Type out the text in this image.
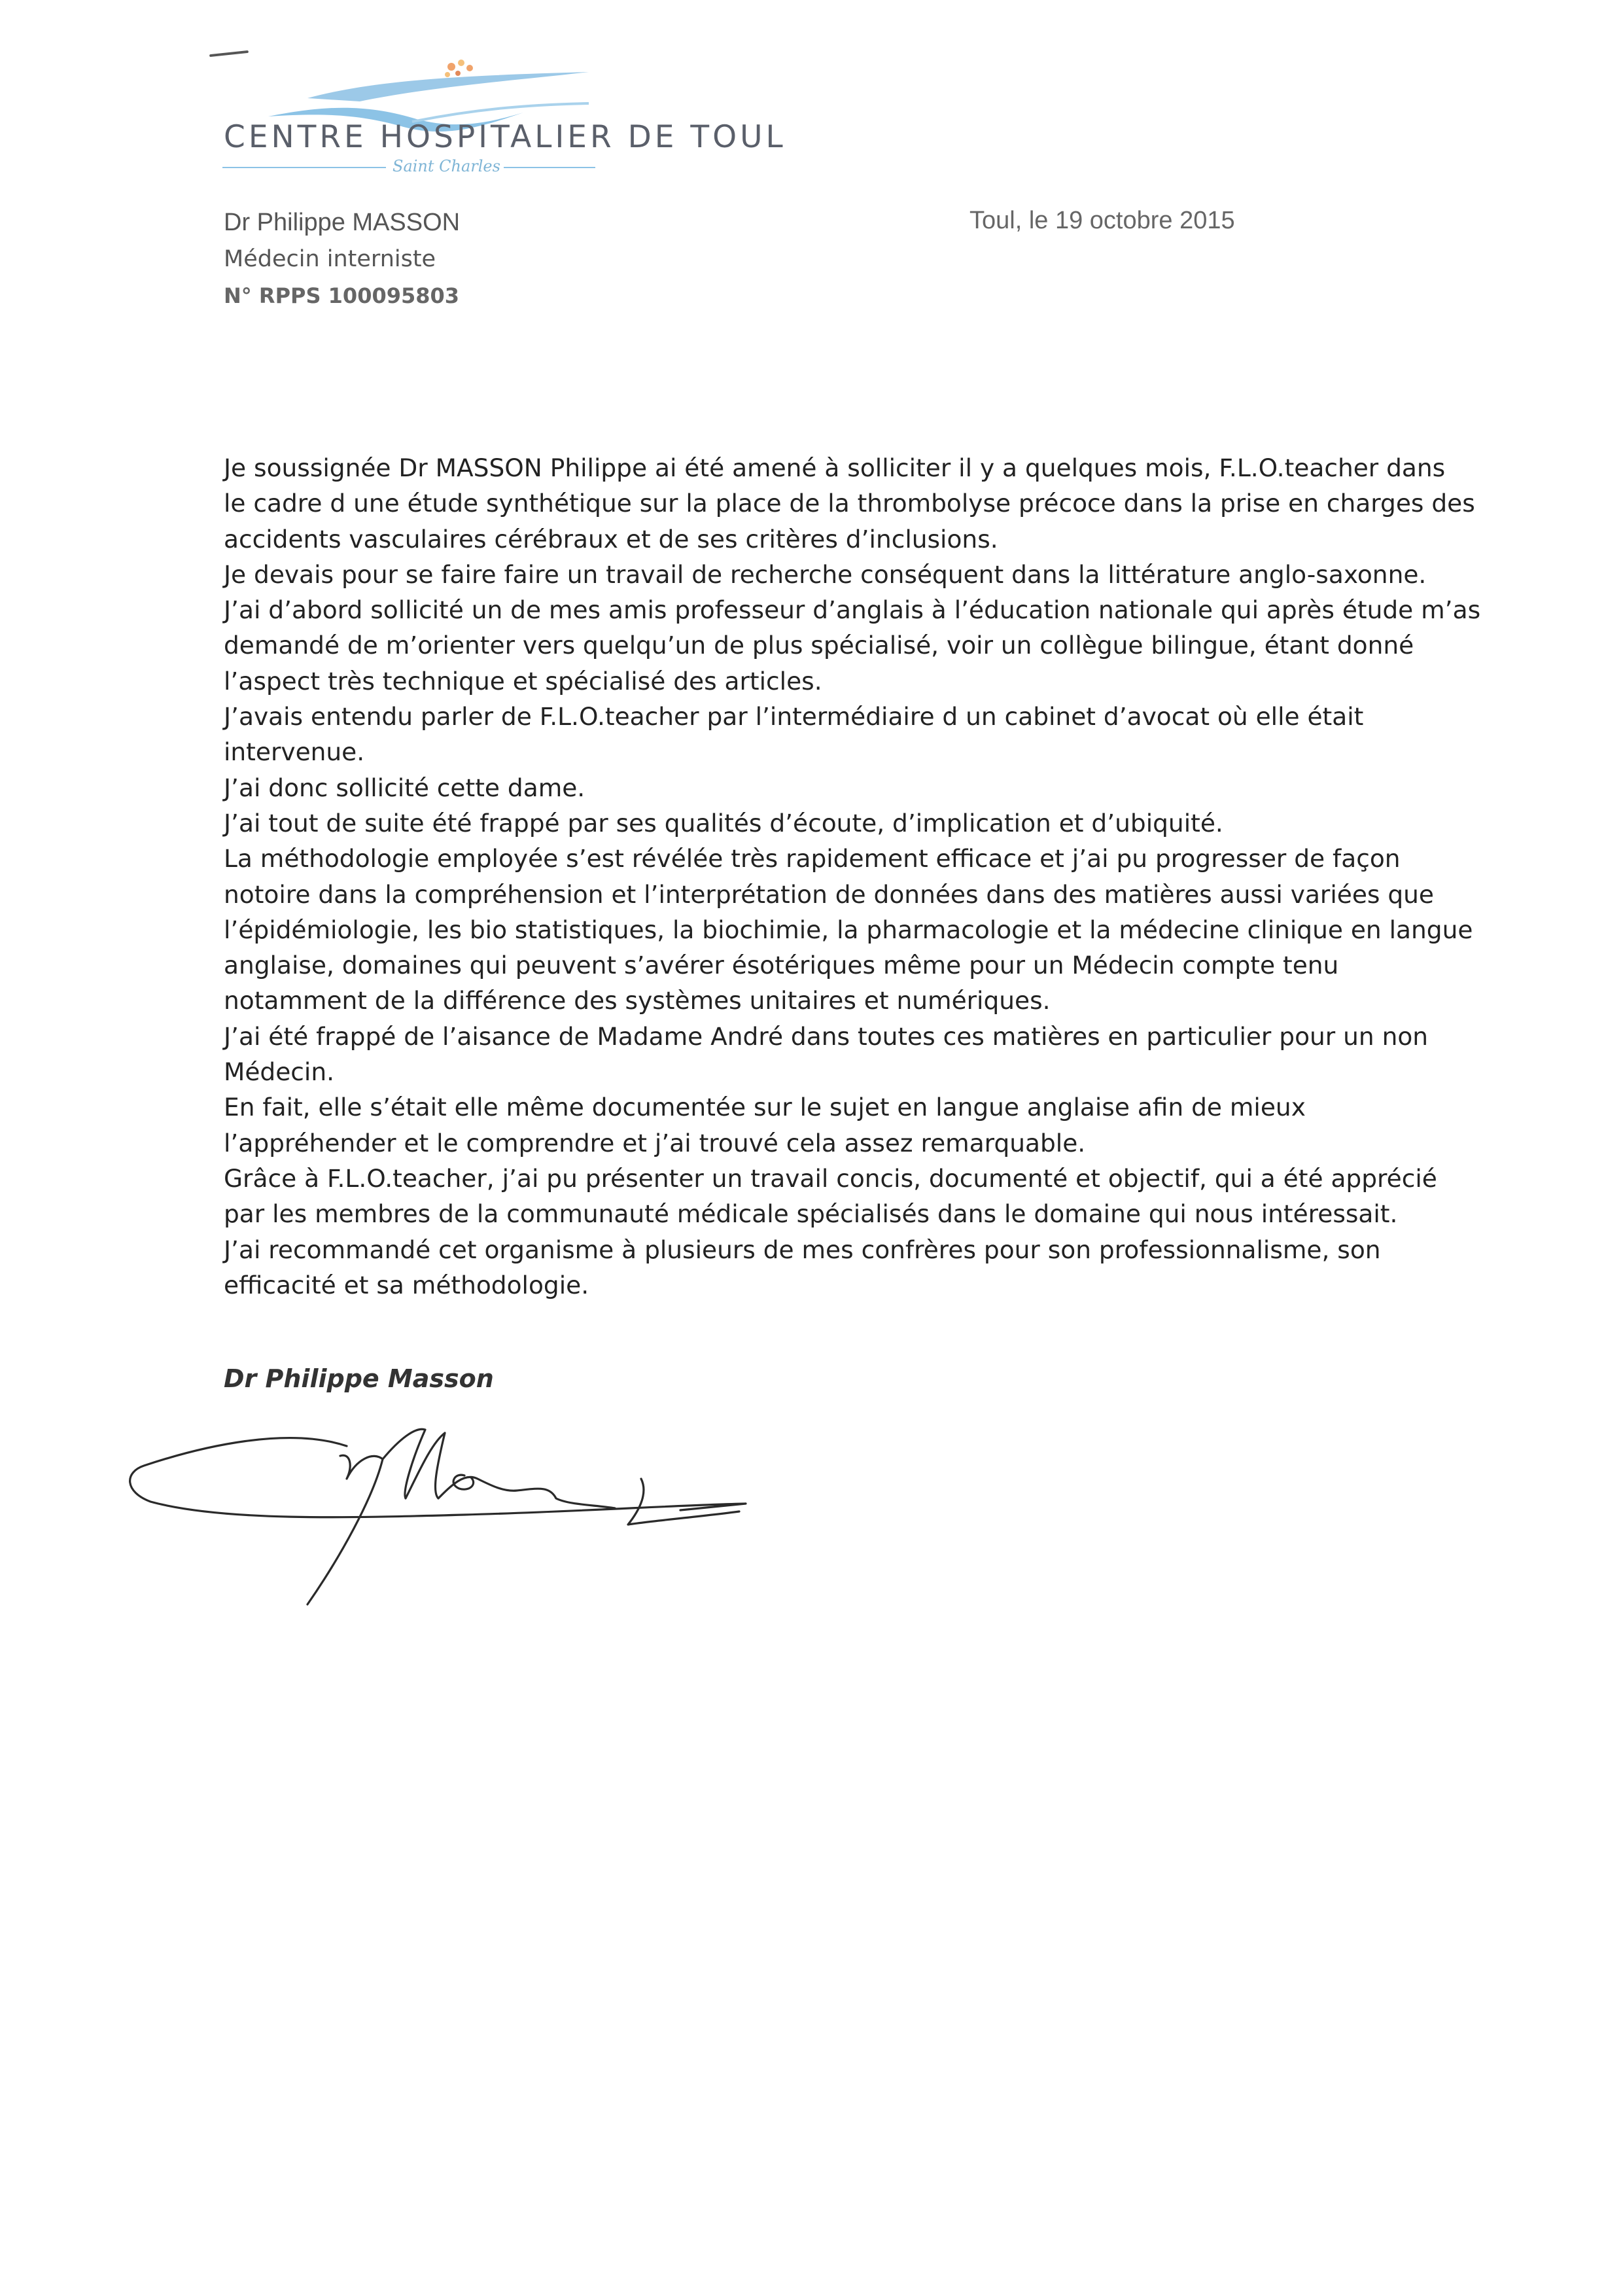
CENTRE HOSPITALIER DE TOUL
Saint Charles
Dr Philippe MASSON
Médecin interniste
N° RPPS 100095803
Toul, le 19 octobre 2015
Je soussignée Dr MASSON Philippe ai été amené à solliciter il y a quelques mois, F.L.O.teacher dans
le cadre d une étude synthétique sur la place de la thrombolyse précoce dans la prise en charges des
accidents vasculaires cérébraux et de ses critères d’inclusions.
Je devais pour se faire faire un travail de recherche conséquent dans la littérature anglo-saxonne.
J’ai d’abord sollicité un de mes amis professeur d’anglais à l’éducation nationale qui après étude m’as
demandé de m’orienter vers quelqu’un de plus spécialisé, voir un collègue bilingue, étant donné
l’aspect très technique et spécialisé des articles.
J’avais entendu parler de F.L.O.teacher par l’intermédiaire d un cabinet d’avocat où elle était
intervenue.
J’ai donc sollicité cette dame.
J’ai tout de suite été frappé par ses qualités d’écoute, d’implication et d’ubiquité.
La méthodologie employée s’est révélée très rapidement efficace et j’ai pu progresser de façon
notoire dans la compréhension et l’interprétation de données dans des matières aussi variées que
l’épidémiologie, les bio statistiques, la biochimie, la pharmacologie et la médecine clinique en langue
anglaise, domaines qui peuvent s’avérer ésotériques même pour un Médecin compte tenu
notamment de la différence des systèmes unitaires et numériques.
J’ai été frappé de l’aisance de Madame André dans toutes ces matières en particulier pour un non
Médecin.
En fait, elle s’était elle même documentée sur le sujet en langue anglaise afin de mieux
l’appréhender et le comprendre et j’ai trouvé cela assez remarquable.
Grâce à F.L.O.teacher, j’ai pu présenter un travail concis, documenté et objectif, qui a été apprécié
par les membres de la communauté médicale spécialisés dans le domaine qui nous intéressait.
J’ai recommandé cet organisme à plusieurs de mes confrères pour son professionnalisme, son
efficacité et sa méthodologie.
Dr Philippe Masson
